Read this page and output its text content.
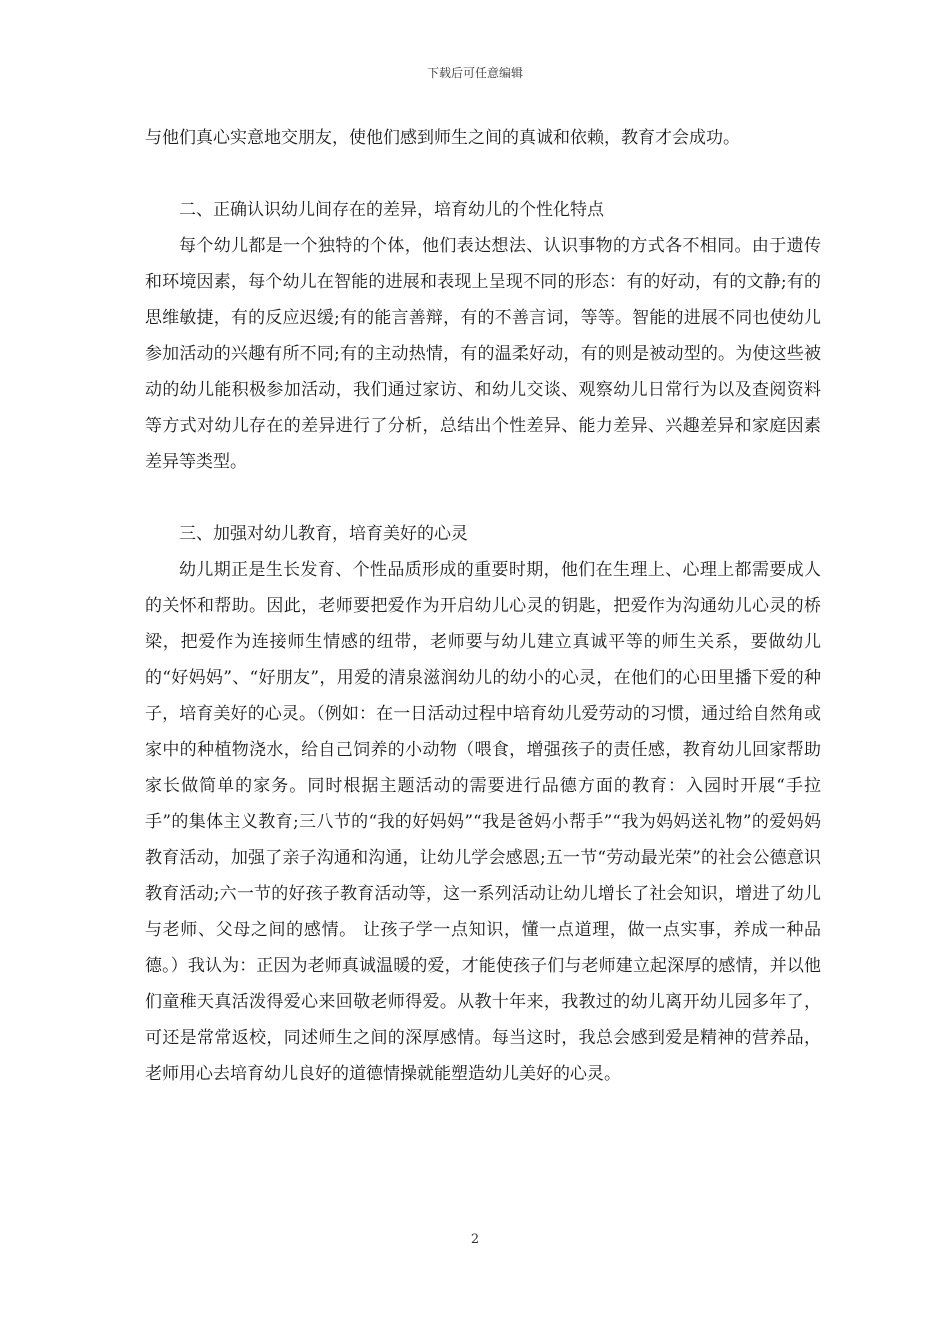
下载后可任意编辑

与他们真心实意地交朋友，使他们感到师生之间的真诚和依赖，教育才会成功。

二、正确认识幼儿间存在的差异，培育幼儿的个性化特点

每个幼儿都是一个独特的个体，他们表达想法、认识事物的方式各不相同。由于遗传和环境因素，每个幼儿在智能的进展和表现上呈现不同的形态：有的好动，有的文静;有的思维敏捷，有的反应迟缓;有的能言善辩，有的不善言词，等等。智能的进展不同也使幼儿参加活动的兴趣有所不同;有的主动热情，有的温柔好动，有的则是被动型的。为使这些被动的幼儿能积极参加活动，我们通过家访、和幼儿交谈、观察幼儿日常行为以及查阅资料等方式对幼儿存在的差异进行了分析，总结出个性差异、能力差异、兴趣差异和家庭因素差异等类型。

三、加强对幼儿教育，培育美好的心灵

幼儿期正是生长发育、个性品质形成的重要时期，他们在生理上、心理上都需要成人的关怀和帮助。因此，老师要把爱作为开启幼儿心灵的钥匙，把爱作为沟通幼儿心灵的桥梁，把爱作为连接师生情感的纽带，老师要与幼儿建立真诚平等的师生关系，要做幼儿的“好妈妈”、“好朋友”，用爱的清泉滋润幼儿的幼小的心灵，在他们的心田里播下爱的种子，培育美好的心灵。（例如：在一日活动过程中培育幼儿爱劳动的习惯，通过给自然角或家中的种植物浇水，给自己饲养的小动物（喂食，增强孩子的责任感，教育幼儿回家帮助家长做简单的家务。同时根据主题活动的需要进行品德方面的教育：入园时开展“手拉手”的集体主义教育;三八节的“我的好妈妈”“我是爸妈小帮手”“我为妈妈送礼物”的爱妈妈教育活动，加强了亲子沟通和沟通，让幼儿学会感恩;五一节“劳动最光荣”的社会公德意识教育活动;六一节的好孩子教育活动等，这一系列活动让幼儿增长了社会知识，增进了幼儿与老师、父母之间的感情。 让孩子学一点知识，懂一点道理，做一点实事，养成一种品德。）我认为：正因为老师真诚温暖的爱，才能使孩子们与老师建立起深厚的感情，并以他们童稚天真活泼得爱心来回敬老师得爱。从教十年来，我教过的幼儿离开幼儿园多年了，可还是常常返校，同述师生之间的深厚感情。每当这时，我总会感到爱是精神的营养品，老师用心去培育幼儿良好的道德情操就能塑造幼儿美好的心灵。

2
